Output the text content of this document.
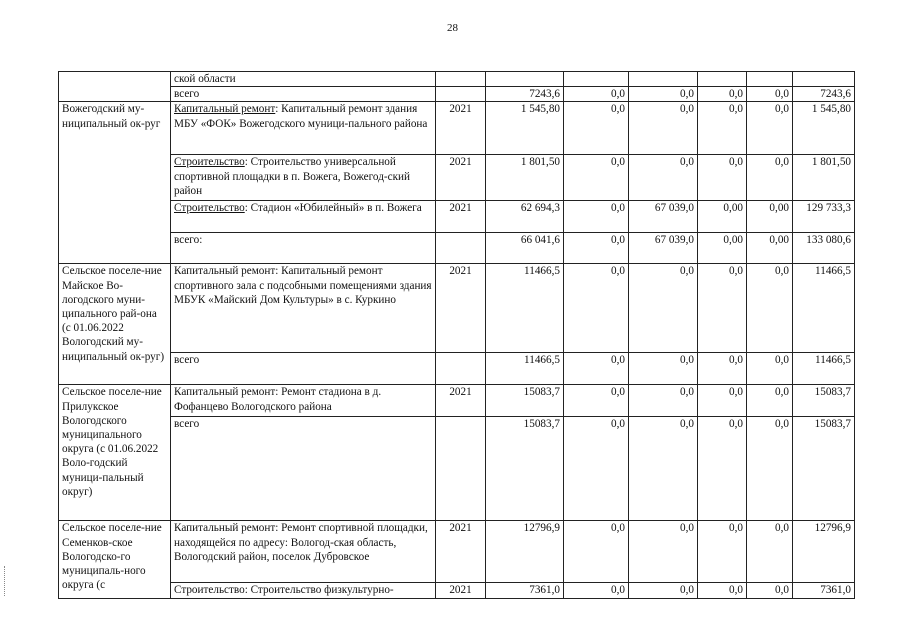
28
	ской области							
	всего		7243,6	0,0	0,0	0,0	0,0	7243,6
Вожегодский му-ниципальный ок-руг	Капитальный ремонт: Капитальный ремонт здания МБУ «ФОК» Вожегодского муници-пального района	2021	1 545,80	0,0	0,0	0,0	0,0	1 545,80
	Строительство: Строительство универсальной спортивной площадки в п. Вожега, Вожегод-ский район	2021	1 801,50	0,0	0,0	0,0	0,0	1 801,50
	Строительство: Стадион «Юбилейный» в п. Вожега	2021	62 694,3	0,0	67 039,0	0,00	0,00	129 733,3
	всего:		66 041,6	0,0	67 039,0	0,00	0,00	133 080,6
Сельское поселе-ние Майское Во-логодского муни-ципального рай-она (с 01.06.2022 Вологодский му-ниципальный ок-руг)	Капитальный ремонт: Капитальный ремонт спортивного зала с подсобными помещениями здания МБУК «Майский Дом Культуры» в с. Куркино	2021	11466,5	0,0	0,0	0,0	0,0	11466,5
	всего		11466,5	0,0	0,0	0,0	0,0	11466,5
Сельское поселе-ние Прилукское Вологодского муниципального округа (с 01.06.2022 Воло-годский муници-пальный округ)	Капитальный ремонт: Ремонт стадиона в д. Фофанцево Вологодского района	2021	15083,7	0,0	0,0	0,0	0,0	15083,7
	всего		15083,7	0,0	0,0	0,0	0,0	15083,7
Сельское поселе-ние Семенков-ское Вологодско-го муниципаль-ного округа (с	Капитальный ремонт: Ремонт спортивной площадки, находящейся по адресу: Вологод-ская область, Вологодский район, поселок Дубровское	2021	12796,9	0,0	0,0	0,0	0,0	12796,9
	Строительство: Строительство физкультурно-	2021	7361,0	0,0	0,0	0,0	0,0	7361,0
